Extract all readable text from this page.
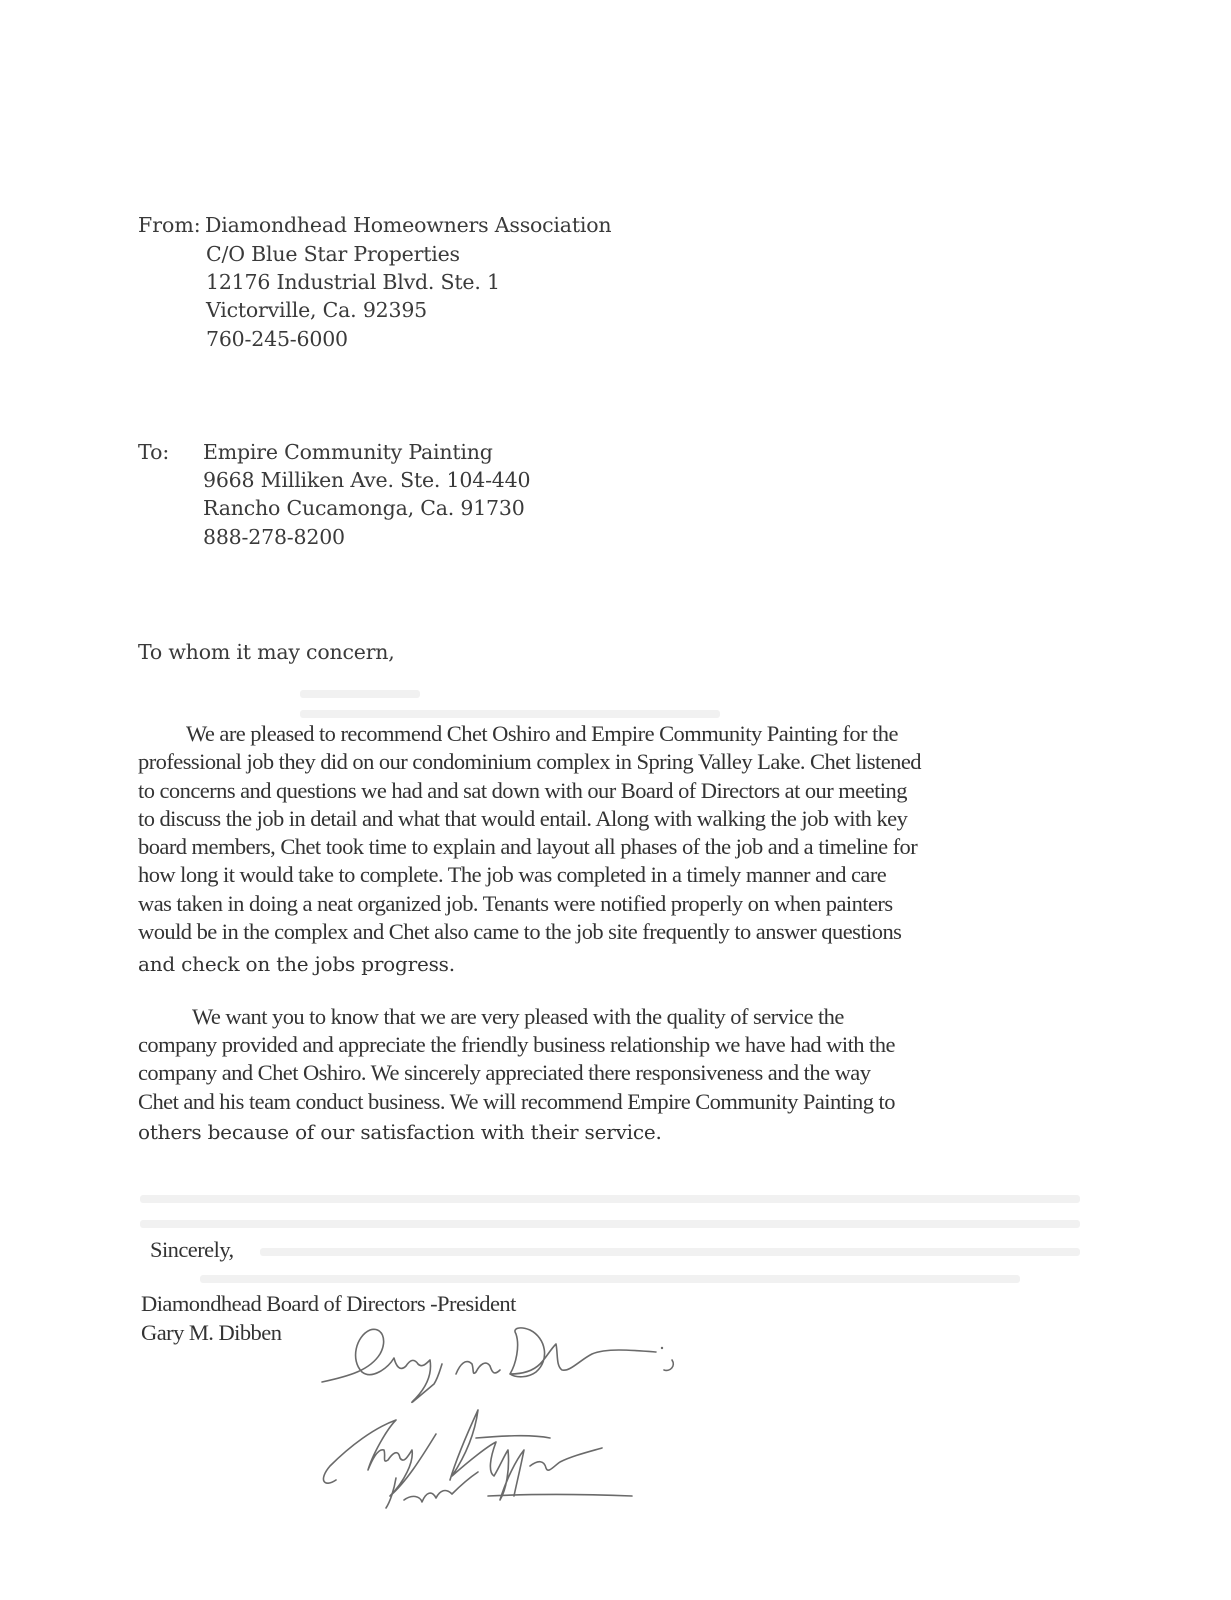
From: Diamondhead Homeowners Association
C/O Blue Star Properties
12176 Industrial Blvd. Ste. 1
Victorville, Ca. 92395
760-245-6000
To: Empire Community Painting
9668 Milliken Ave. Ste. 104-440
Rancho Cucamonga, Ca. 91730
888-278-8200
To whom it may concern,
We are pleased to recommend Chet Oshiro and Empire Community Painting for the
professional job they did on our condominium complex in Spring Valley Lake. Chet listened
to concerns and questions we had and sat down with our Board of Directors at our meeting
to discuss the job in detail and what that would entail. Along with walking the job with key
board members, Chet took time to explain and layout all phases of the job and a timeline for
how long it would take to complete. The job was completed in a timely manner and care
was taken in doing a neat organized job. Tenants were notified properly on when painters
would be in the complex and Chet also came to the job site frequently to answer questions
and check on the jobs progress.
We want you to know that we are very pleased with the quality of service the
company provided and appreciate the friendly business relationship we have had with the
company and Chet Oshiro. We sincerely appreciated there responsiveness and the way
Chet and his team conduct business. We will recommend Empire Community Painting to
others because of our satisfaction with their service.
Sincerely,
Diamondhead Board of Directors -President
Gary M. Dibben
